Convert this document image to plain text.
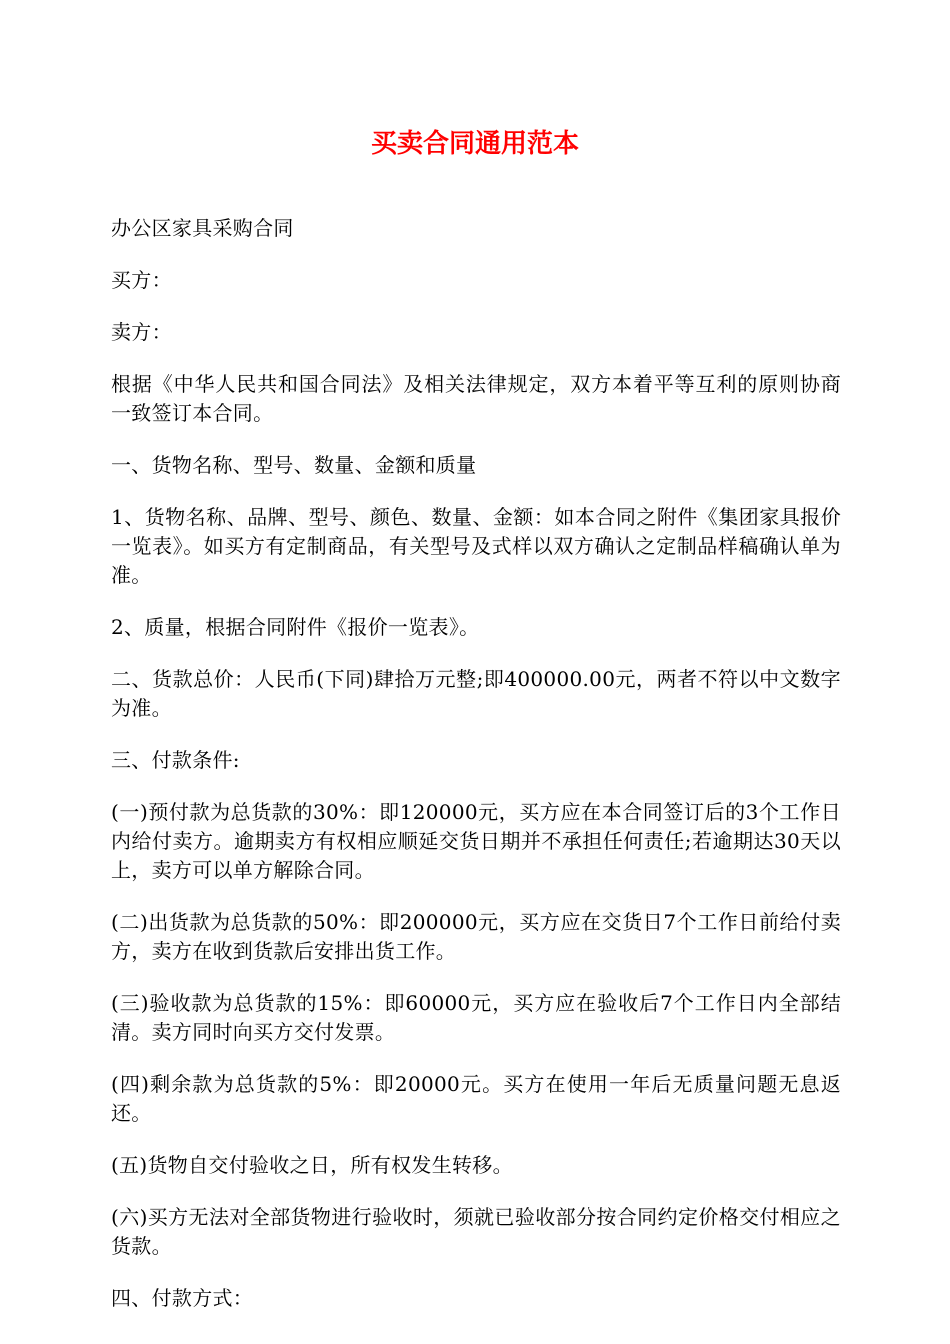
买卖合同通用范本

办公区家具采购合同

买方：

卖方：

根据《中华人民共和国合同法》及相关法律规定，双方本着平等互利的原则协商一致签订本合同。

一、货物名称、型号、数量、金额和质量

1、货物名称、品牌、型号、颜色、数量、金额：如本合同之附件《集团家具报价一览表》。如买方有定制商品，有关型号及式样以双方确认之定制品样稿确认单为准。

2、质量，根据合同附件《报价一览表》。

二、货款总价：人民币(下同)肆拾万元整;即400000.00元，两者不符以中文数字为准。

三、付款条件:

(一)预付款为总货款的30%：即120000元，买方应在本合同签订后的3个工作日内给付卖方。逾期卖方有权相应顺延交货日期并不承担任何责任;若逾期达30天以上，卖方可以单方解除合同。

(二)出货款为总货款的50%：即200000元，买方应在交货日7个工作日前给付卖方，卖方在收到货款后安排出货工作。

(三)验收款为总货款的15%：即60000元，买方应在验收后7个工作日内全部结清。卖方同时向买方交付发票。

(四)剩余款为总货款的5%：即20000元。买方在使用一年后无质量问题无息返还。

(五)货物自交付验收之日，所有权发生转移。

(六)买方无法对全部货物进行验收时，须就已验收部分按合同约定价格交付相应之货款。

四、付款方式：
